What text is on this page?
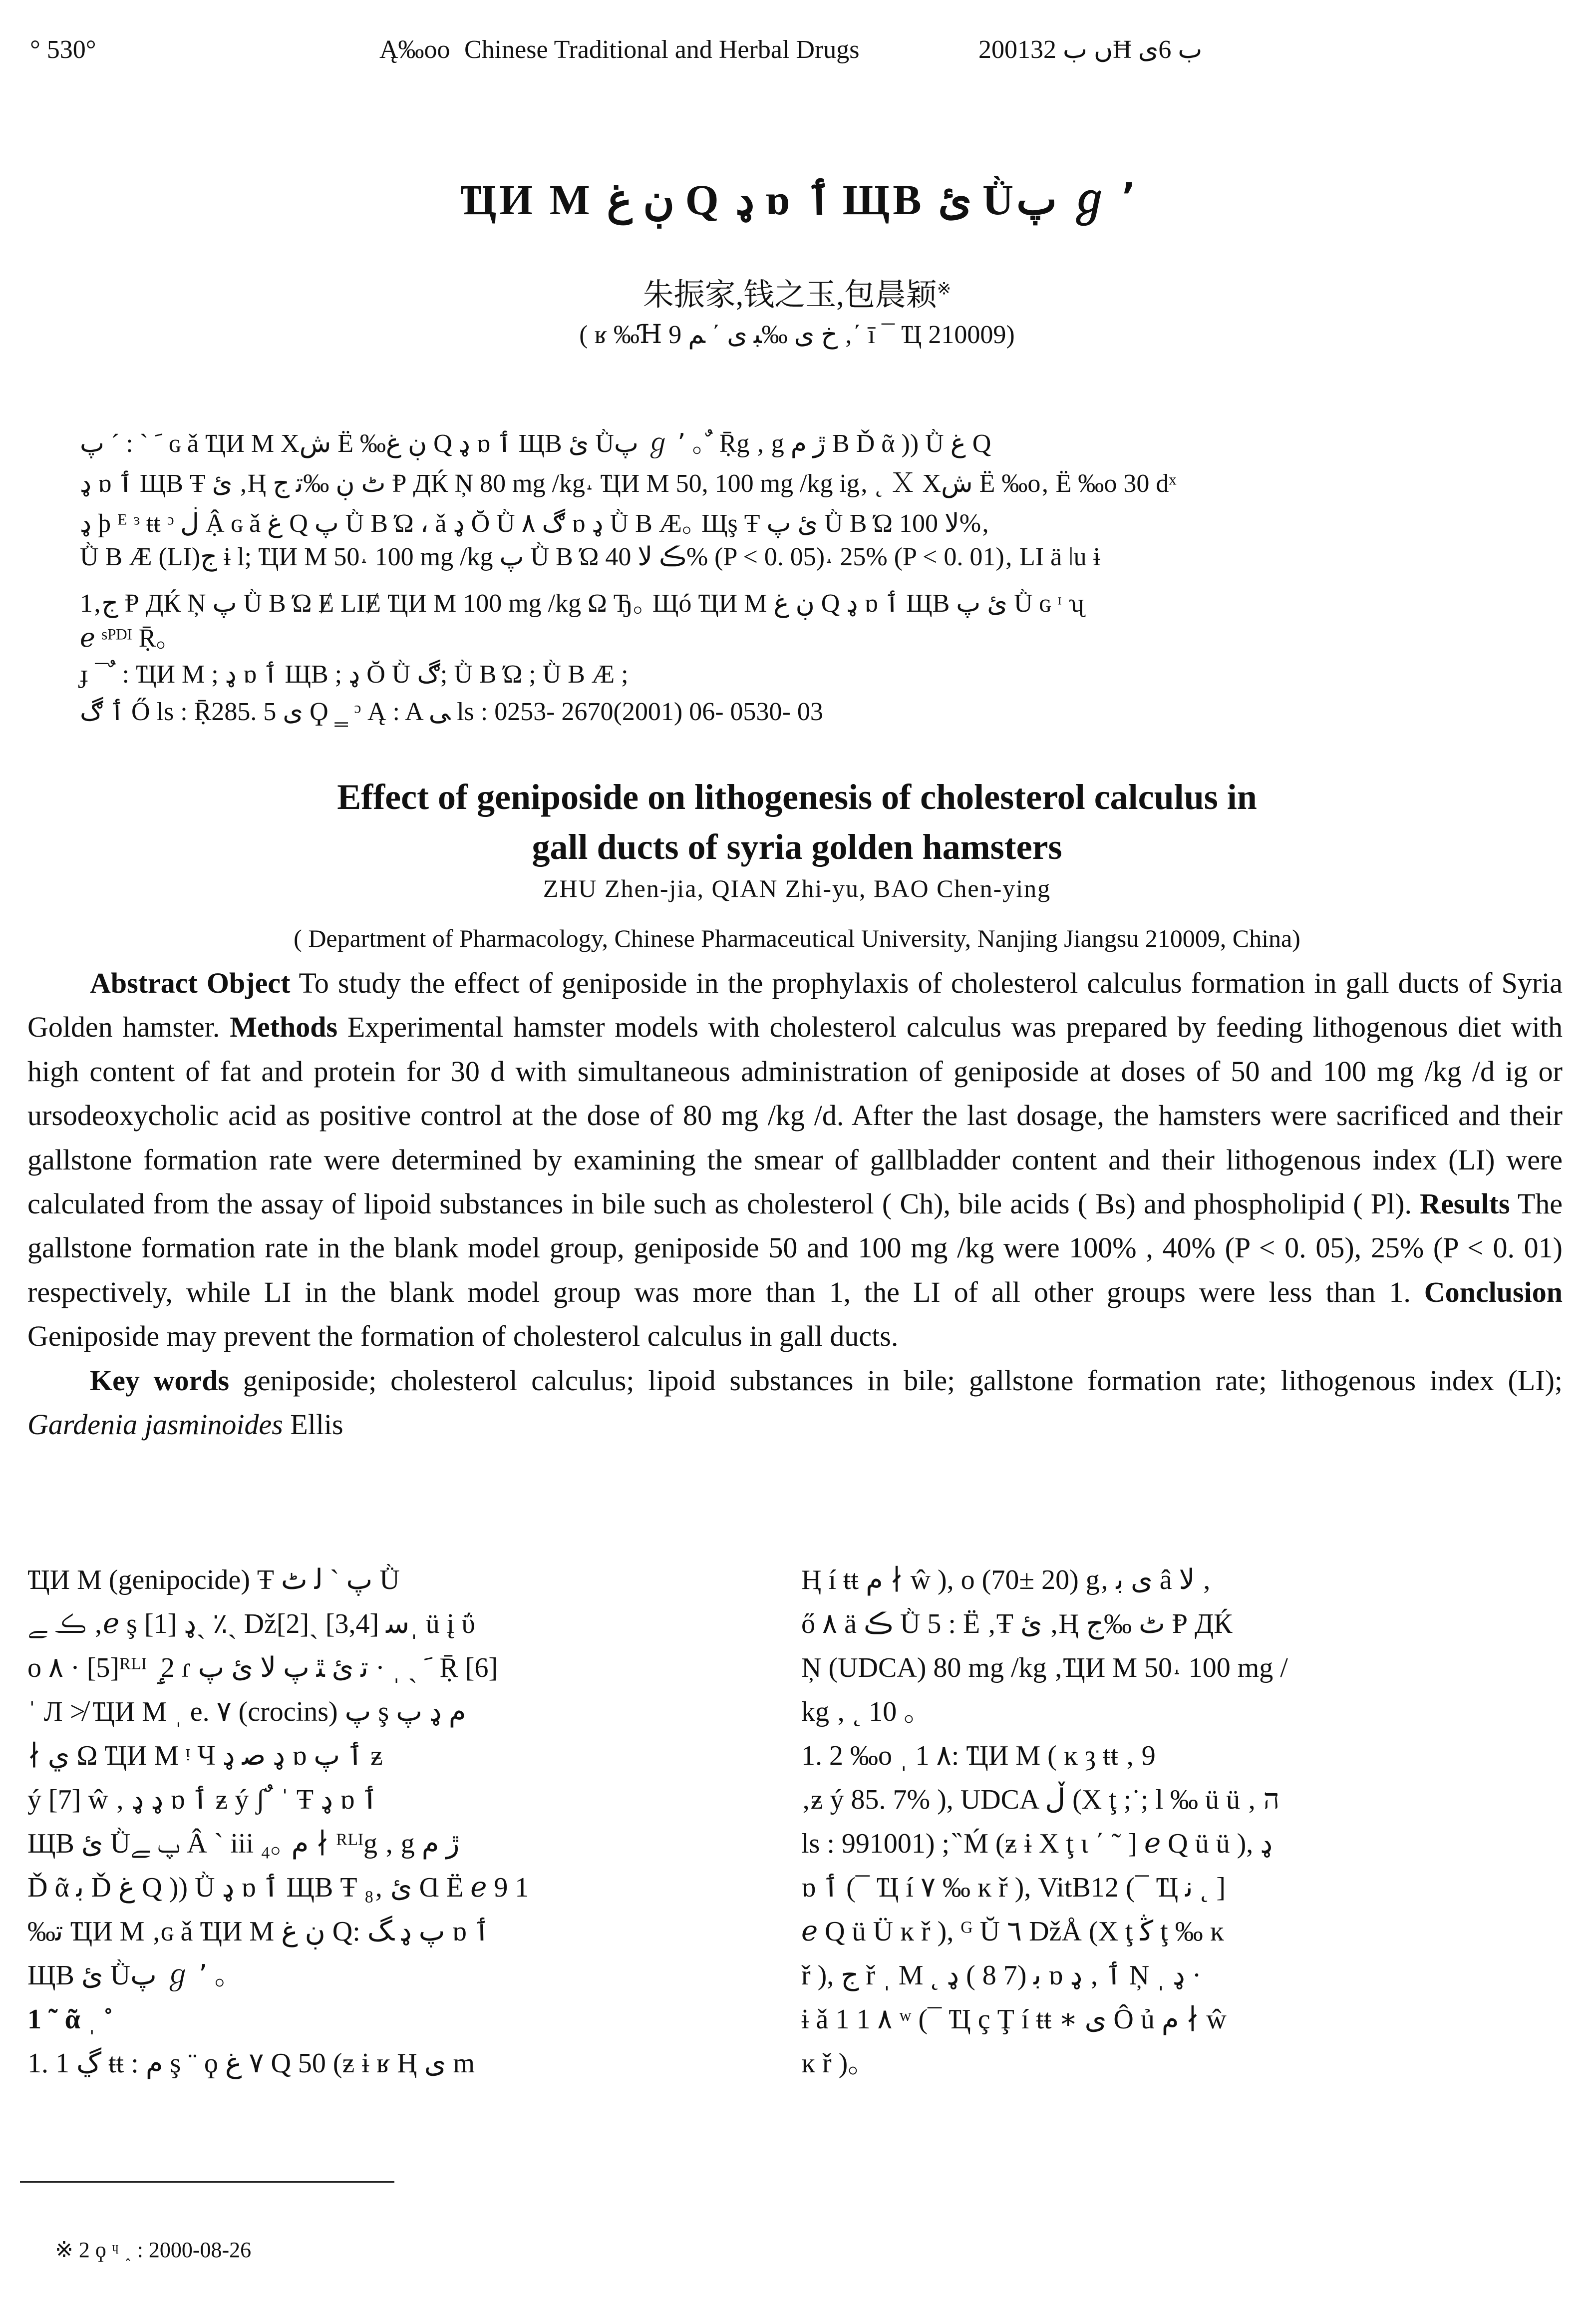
° 530°	Ą‰oo Chinese Traditional and Herbal Drugs	2001ں ﺏ 32Ħ ﺏ 6ﯼ
ҴИ Μ ڹ غ Q ډ ɒ ٲ ЩΒ ئ Ǜﭖ ℊ ٬
朱振家,钱之玉,包晨颖※
( ʁ ‰Ɦ خ ﻯ ‰ﺒ ﻯ ΄ ﻢ 9 ‚΄ ī ¯ Ҵ 210009)
ﹶ ˋ : ˊ ﭖ ɢ ǎ ҴИ Μ Xش Ë ‰ڹ غ Q ډ ɒ ٲ ЩΒ ئ Ǜﭖ ℊ ٬ ｡ ٌ Ṝg ‚ g ڙ ﻡ Β Ď ᾶ )) Ǜ غ Q
ډ ɒ ٲ ЩΒ Ŧ ئ ‚Ⱨ ﭦ ڹ ‰ﺗ ﺝ Ᵽ ДЌ Ņ 80 mg /kg˔ ҴИ Μ 50, 100 mg /kg ig‚ ˛ Ｘ Xش Ë ‰o‚ Ë ‰o 30 dˣ
ډ ϸ ᴱ ᵌ ŧŧ ᵓ ڶ Ậ ɢ ǎ غ Q ﭖ Ǜ Β Ώ ، ǎ ډ Ŏ Ǜ ڰ ٨ ɒ ډ Ǜ Β Æ｡ Щş Ŧ ئ ﭖ Ǜ Β Ώ ﻻ 100%‚
Ǜ Β Æ (LI)ﺝ ɨ l; ҴИ Μ 50˔ 100 mg /kg ﭖ Ǜ Β Ώ ڪ ﻻ 40% (P < 0. 05)˔ 25% (P < 0. 01)‚ LI ä ǀu ɨ
1‚ﺝ Ᵽ ДЌ Ņ ﭖ Ǜ Β Ώ Ɇ LIɆ ҴИ Μ 100 mg /kg Ω Ђ｡ Щó ҴИ Μ ڹ غ Q ډ ɒ ٲ ЩΒ ئ ﭖ Ǜ ɢ ᶦ ʯ
ℯ ˢᴾᴰᴵ Ṝ｡
ɟ ¯ ٌ : ҴИ Μ ; ډ ɒ ٲ ЩΒ ; ډ Ŏ Ǜ ڰ; Ǜ Β Ώ ; Ǜ Β Æ ;
ٲ ڰ Ő ls : Ṝ285. 5 ﯼ Ϙ ‗ ᵓ Ą : A ﯽ ls : 0253- 2670(2001) 06- 0530- 03
Effect of geniposide on lithogenesis of cholesterol calculus in
gall ducts of syria golden hamsters
ZHU Zhen-jia, QIAN Zhi-yu, BAO Chen-ying
( Department of Pharmacology, Chinese Pharmaceutical University, Nanjing Jiangsu 210009, China)

Abstract Object To study the effect of geniposide in the prophylaxis of cholesterol calculus formation in gall ducts of Syria Golden hamster. Methods Experimental hamster models with cholesterol calculus was prepared by feeding lithogenous diet with high content of fat and protein for 30 d with simultaneous administration of geniposide at doses of 50 and 100 mg /kg /d ig or ursodeoxycholic acid as positive control at the dose of 80 mg /kg /d. After the last dosage, the hamsters were sacrificed and their gallstone formation rate were determined by examining the smear of gallbladder content and their lithogenous index (LI) were calculated from the assay of lipoid substances in bile such as cholesterol ( Ch), bile acids ( Bs) and phospholipid ( Pl). Results The gallstone formation rate in the blank model group, geniposide 50 and 100 mg /kg were 100% , 40% (P < 0. 05), 25% (P < 0. 01) respectively, while LI in the blank model group was more than 1, the LI of all other groups were less than 1. Conclusion Geniposide may prevent the formation of cholesterol calculus in gall ducts.

Key words geniposide; cholesterol calculus; lipoid substances in bile; gallstone formation rate; lithogenous index (LI); Gardenia jasminoides Ellis

ҴИ Μ (genipocide) Ŧ ﭖ ˋ ﻟ ﭦ Ǜ

ڪ ﮯ ‚ℯ ş ډ [1]ˎ ٪ˎ Dž[2]ˎ ﺳ [3,4]ˌ ü į ΰ

ο ٨ · [5]ᴿᴸᴵ ٟ 2 ɾ ﹶ ˏ ˌ · ﺗ ئ ﭥ ﭖ ﻻ ئ ﭖ Ṝ [6]

ˈ Л ≯ ҴИ Μ ˌ e. ٧ (crocins) ﭖ ş ﻡ ډ ﭖ

∤ ﻱ Ω ҴИ Μ ᵎ Ч ډ ﺻ ډ ɒ ٲ ﭖ ƶ

ý [7] ŵ ‚ ډ ډ ɒ ٲ ƶ ý ʃ ٌ ˈ Ŧ ډ ɒ ٲ

ЩΒ ئ Ǜﭖ ﮯ Â ˋ iii ₄｡ ﻡ ∤ ᴿᴸᴵg ‚ g ڙ ﻡ

Ď ᾶ ﺑ Ď غ Q )) Ǜ ډ ɒ ٲ ЩΒ Ŧ ئ ‚₈ Ɑ Ë ℯ 9 1

‰ﺗ ҴИ Μ ‚ɢ ǎ ҴИ Μ ڹ غ Q: ﭖ ډ ﮓ ɒ ٲ

ЩΒ ئ Ǜﭖ ℊ ٬ ｡

1 ˜ ᾶ ˌ ˚ ٌ

1. 1 ڲ ŧŧ : ﻡ ş ¨ ϙ ٧ غ Q 50 (ƶ ɨ ʁ Ⱨ ﻯ m

Ⱨ í ŧŧ ﻡ ∤ ŵ ), o (70± 20) g‚ ﻯ ﺑ â ﻻ ‚

ő ٨ ä ڪ Ǜ 5 : Ë ‚Ŧ ئ ‚Ⱨ ﭦ ‰ﺝ Ᵽ ДЌ

Ņ (UDCA) 80 mg /kg ‚ҴИ Μ 50˔ 100 mg /

kg ‚ ˛ 10 ｡

1. 2 ‰o ˌ 1 ٨: ҴИ Μ ( ĸ ȝ ŧŧ ‚ 9

‚ƶ ý 85. 7% ), UDCA ڵ (Χ ţ ;˙; l ‰ ü ü ‚ ה

ls : 991001) ; ̏ Ḿ (ƶ ɨ Χ ţ ι ΄ ˜ ] ℯ Q ü ü ), ډ

ɒ ٲ (¯ Ҵ í ٧ ‰ ĸ ř ), VitB12 (¯ Ҵ ﻧ ˛ ]

ℯ Q ü Ü ĸ ř ), ᴳ Ŭ ٦ DžÅ (Χ ţ ﯕ ţ ‰ ĸ

ř ), ﺝ ř ˌ Μ ˛ ﺑ (7 8 ) ډ ɒ ٲ ‚ ډ Ņ ˌ ډ ·

ɨ ǎ 1 1 ٨ ʷ (¯ Ҵ ç Ţ í ŧŧ ∗ ﻯ Ô ủ ﻡ ∤ ŵ

ĸ ř )｡

※ 2 ϙ ᶣ ˰ : 2000-08-26
